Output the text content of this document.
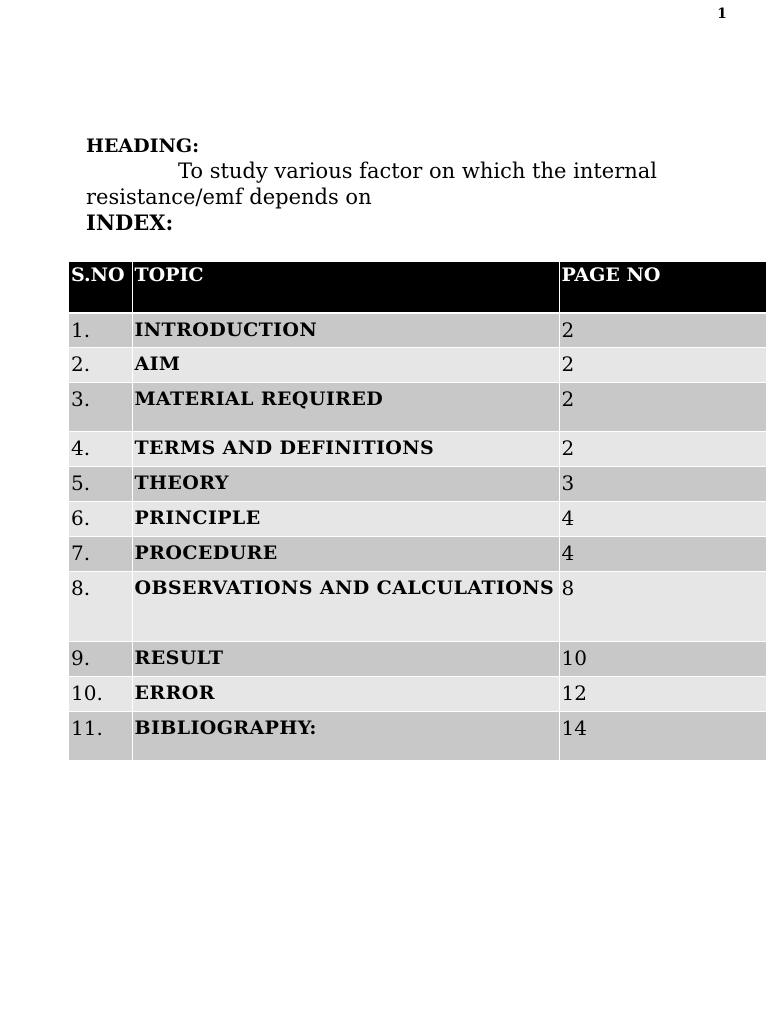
1
HEADING:
To study various factor on which the internal resistance/emf depends on
INDEX:
S.NO	TOPIC	PAGE NO
1.	INTRODUCTION	2
2.	AIM	2
3.	MATERIAL REQUIRED	2
4.	TERMS AND DEFINITIONS	2
5.	THEORY	3
6.	PRINCIPLE	4
7.	PROCEDURE	4
8.	OBSERVATIONS AND CALCULATIONS	8
9.	RESULT	10
10.	ERROR	12
11.	BIBLIOGRAPHY:	14
